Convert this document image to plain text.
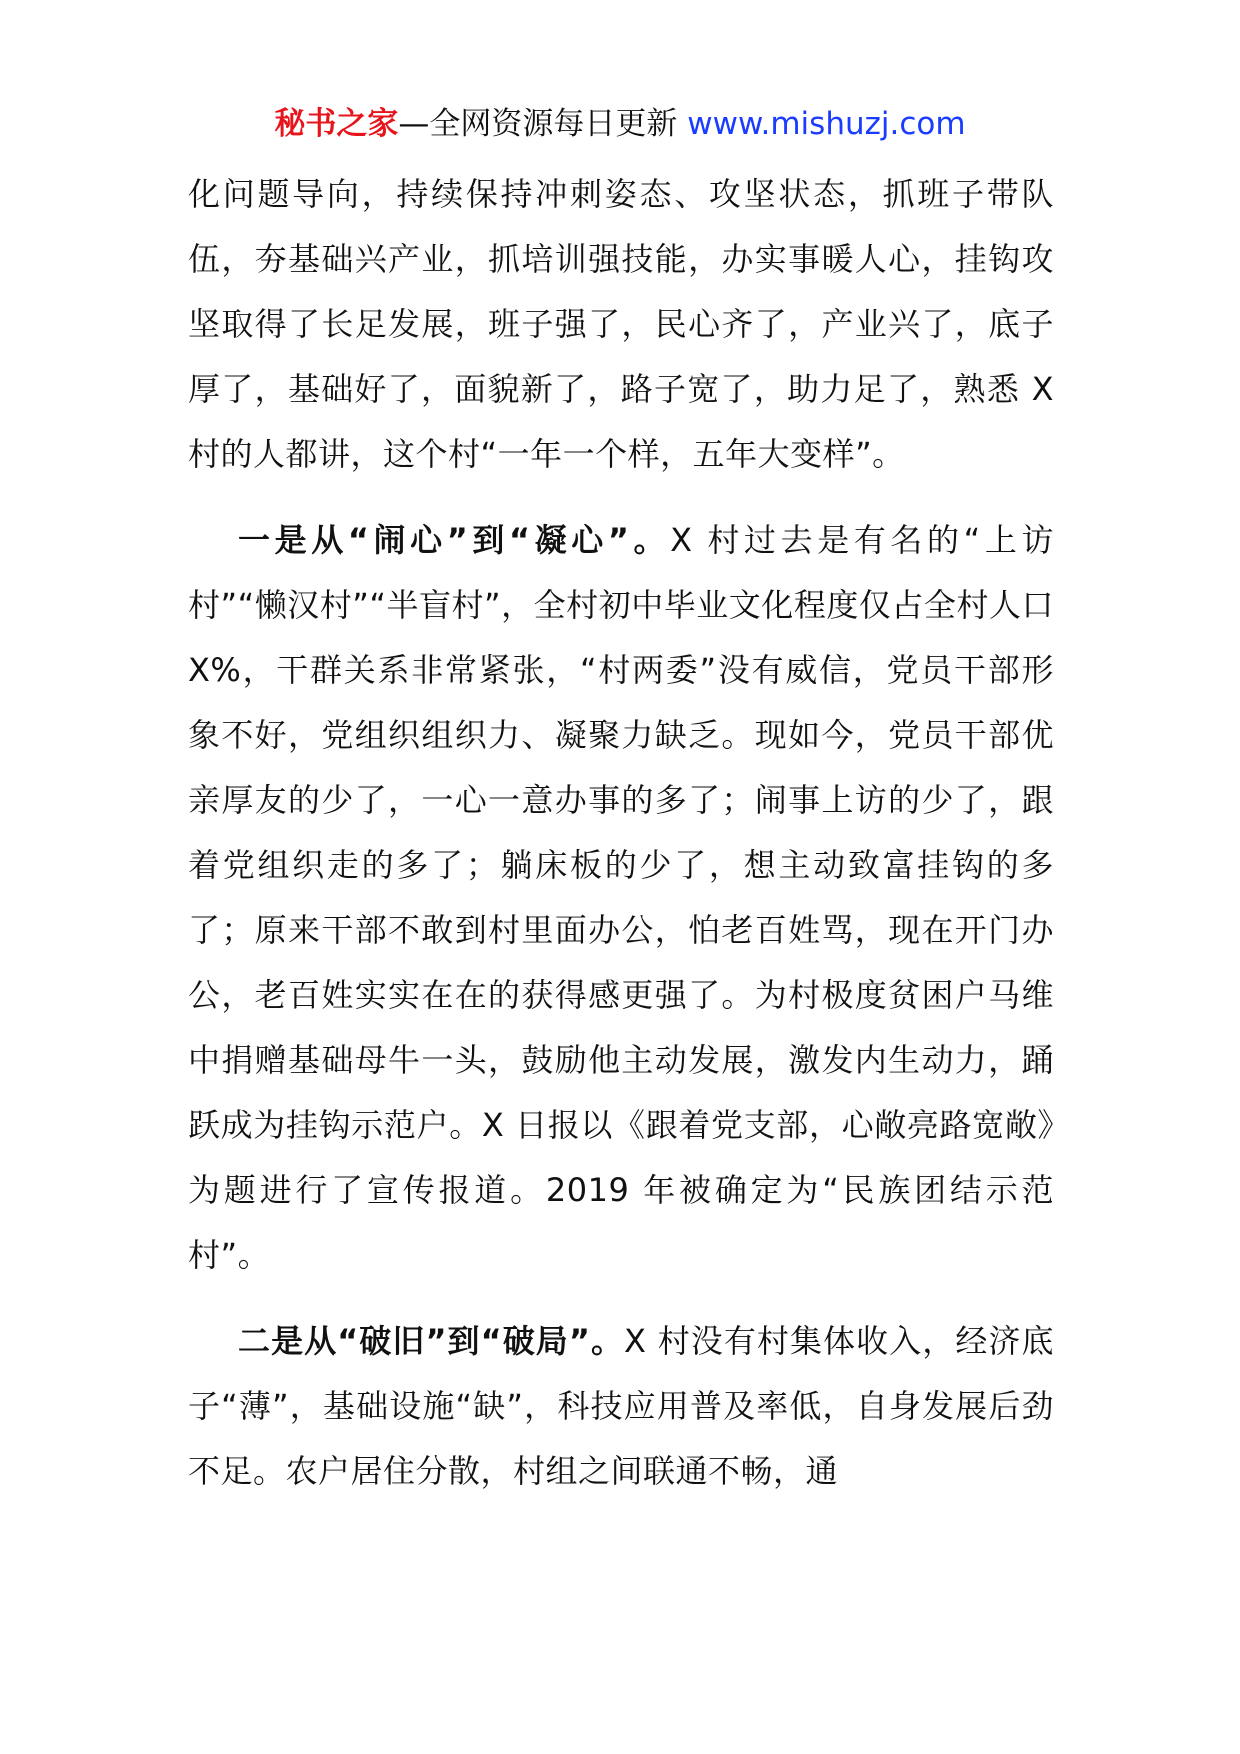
秘书之家—全网资源每日更新 www.mishuzj.com

化问题导向，持续保持冲刺姿态、攻坚状态，抓班子带队伍，夯基础兴产业，抓培训强技能，办实事暖人心，挂钩攻坚取得了长足发展，班子强了，民心齐了，产业兴了，底子厚了，基础好了，面貌新了，路子宽了，助力足了，熟悉 X 村的人都讲，这个村“一年一个样，五年大变样”。

一是从“闹心”到“凝心”。X 村过去是有名的“上访村”“懒汉村”“半盲村”，全村初中毕业文化程度仅占全村人口 X%，干群关系非常紧张，“村两委”没有威信，党员干部形象不好，党组织组织力、凝聚力缺乏。现如今，党员干部优亲厚友的少了，一心一意办事的多了；闹事上访的少了，跟着党组织走的多了；躺床板的少了，想主动致富挂钩的多了；原来干部不敢到村里面办公，怕老百姓骂，现在开门办公，老百姓实实在在的获得感更强了。为村极度贫困户马维中捐赠基础母牛一头，鼓励他主动发展，激发内生动力，踊跃成为挂钩示范户。X 日报以《跟着党支部，心敞亮路宽敞》为题进行了宣传报道。2019 年被确定为“民族团结示范村”。

二是从“破旧”到“破局”。X 村没有村集体收入，经济底子“薄”，基础设施“缺”，科技应用普及率低，自身发展后劲不足。农户居住分散，村组之间联通不畅，通
